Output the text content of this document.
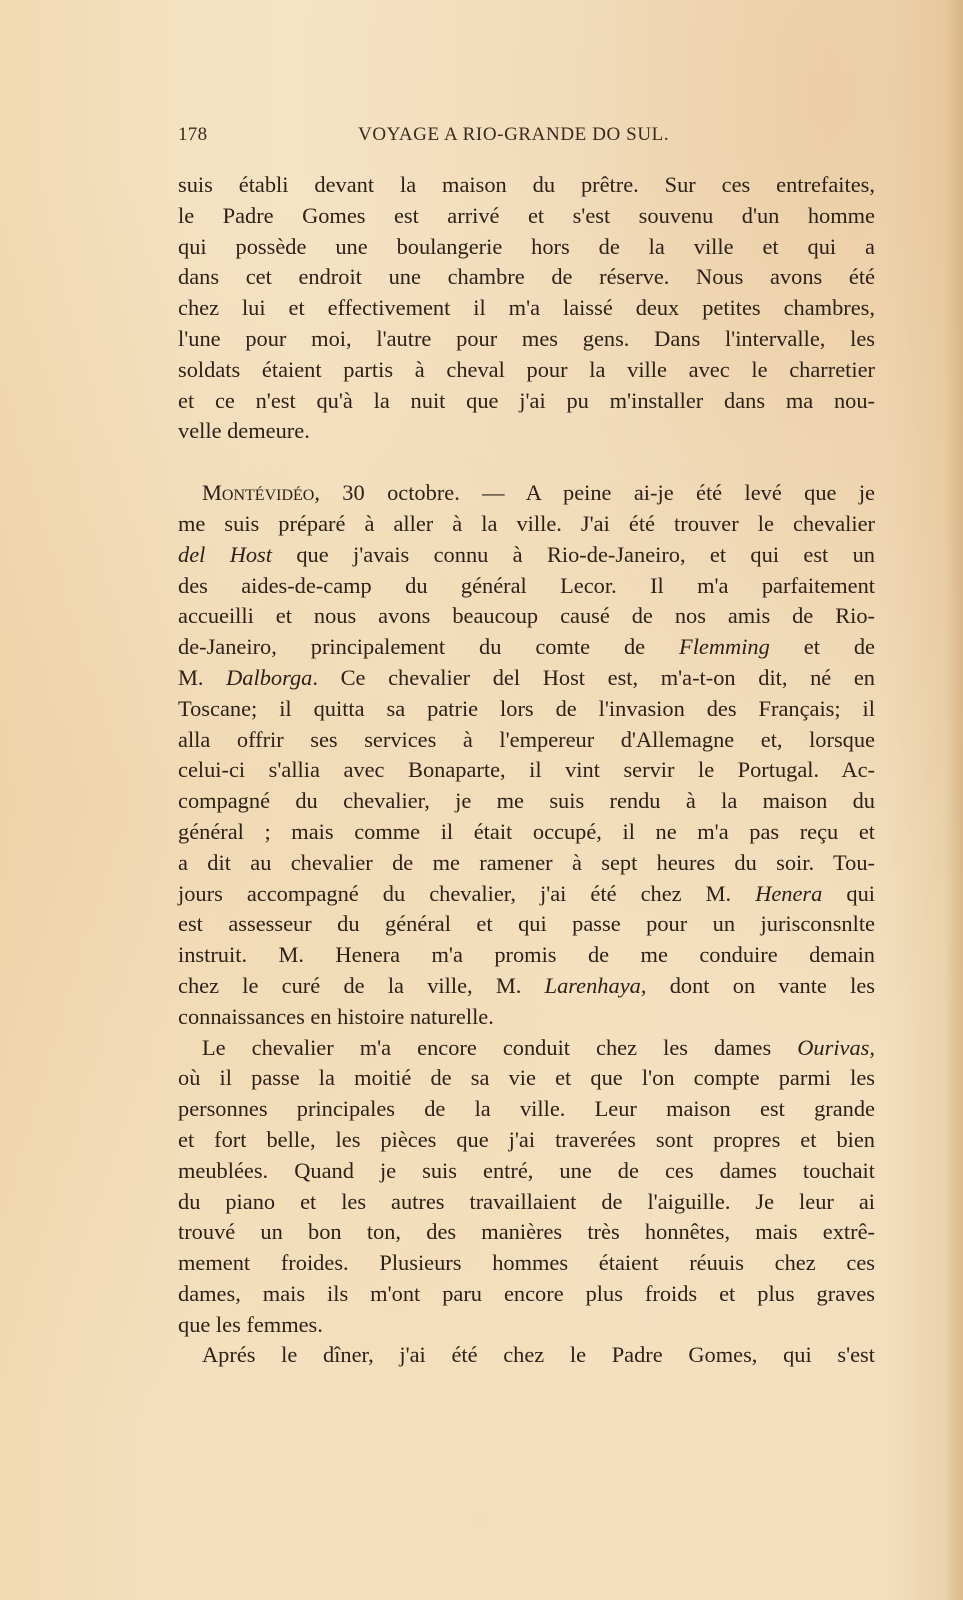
178	VOYAGE A RIO-GRANDE DO SUL.
suis établi devant la maison du prêtre. Sur ces entrefaites,
le Padre Gomes est arrivé et s'est souvenu d'un homme
qui possède une boulangerie hors de la ville et qui a
dans cet endroit une chambre de réserve. Nous avons été
chez lui et effectivement il m'a laissé deux petites chambres,
l'une pour moi, l'autre pour mes gens. Dans l'intervalle, les
soldats étaient partis à cheval pour la ville avec le charretier
et ce n'est qu'à la nuit que j'ai pu m'installer dans ma nou-
velle demeure.
Montévidéo, 30 octobre. — A peine ai-je été levé que je
me suis préparé à aller à la ville. J'ai été trouver le chevalier
del Host que j'avais connu à Rio-de-Janeiro, et qui est un
des aides-de-camp du général Lecor. Il m'a parfaitement
accueilli et nous avons beaucoup causé de nos amis de Rio-
de-Janeiro, principalement du comte de Flemming et de
M. Dalborga. Ce chevalier del Host est, m'a-t-on dit, né en
Toscane; il quitta sa patrie lors de l'invasion des Français; il
alla offrir ses services à l'empereur d'Allemagne et, lorsque
celui-ci s'allia avec Bonaparte, il vint servir le Portugal. Ac-
compagné du chevalier, je me suis rendu à la maison du
général ; mais comme il était occupé, il ne m'a pas reçu et
a dit au chevalier de me ramener à sept heures du soir. Tou-
jours accompagné du chevalier, j'ai été chez M. Henera qui
est assesseur du général et qui passe pour un jurisconsnlte
instruit. M. Henera m'a promis de me conduire demain
chez le curé de la ville, M. Larenhaya, dont on vante les
connaissances en histoire naturelle.
Le chevalier m'a encore conduit chez les dames Ourivas,
où il passe la moitié de sa vie et que l'on compte parmi les
personnes principales de la ville. Leur maison est grande
et fort belle, les pièces que j'ai traverées sont propres et bien
meublées. Quand je suis entré, une de ces dames touchait
du piano et les autres travaillaient de l'aiguille. Je leur ai
trouvé un bon ton, des manières très honnêtes, mais extrê-
mement froides. Plusieurs hommes étaient réuuis chez ces
dames, mais ils m'ont paru encore plus froids et plus graves
que les femmes.
Aprés le dîner, j'ai été chez le Padre Gomes, qui s'est
